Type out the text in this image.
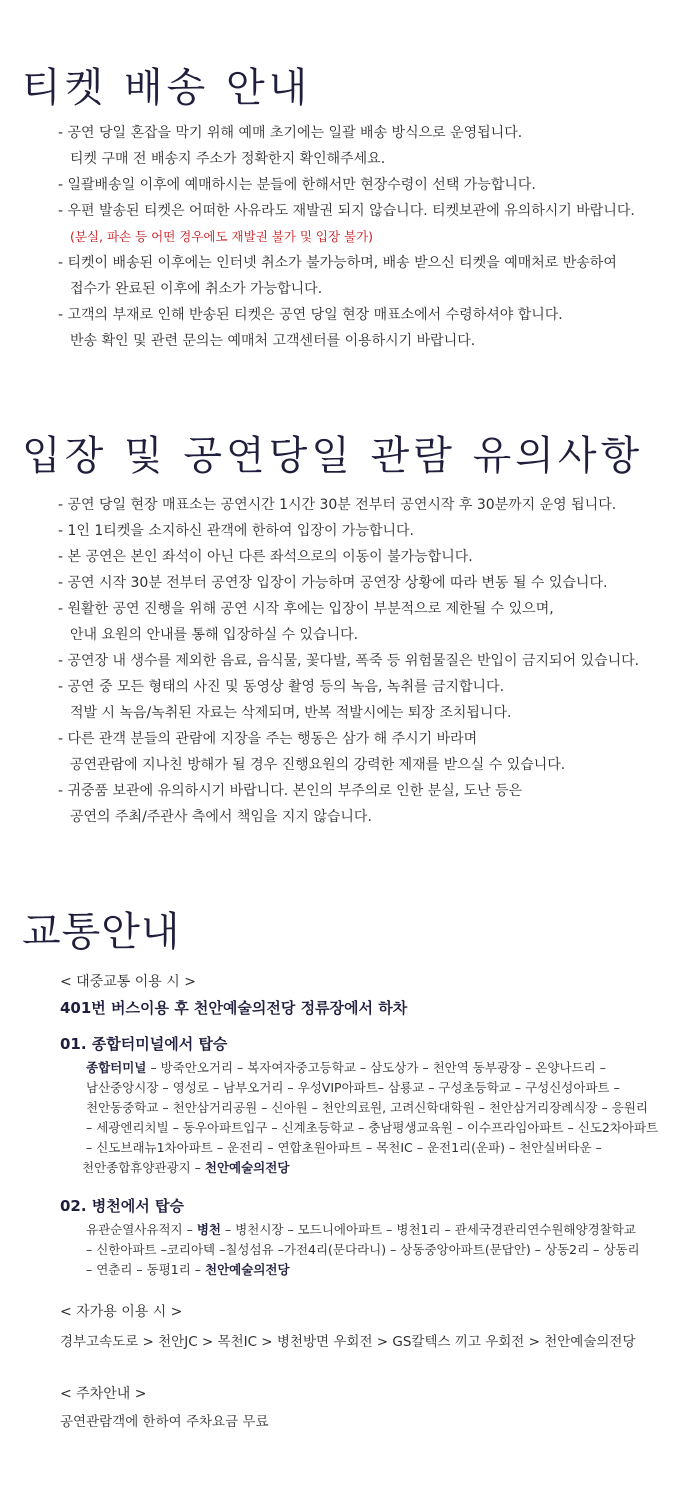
티켓 배송 안내
- 공연 당일 혼잡을 막기 위해 예매 초기에는 일괄 배송 방식으로 운영됩니다.
티켓 구매 전 배송지 주소가 정확한지 확인해주세요.
- 일괄배송일 이후에 예매하시는 분들에 한해서만 현장수령이 선택 가능합니다.
- 우편 발송된 티켓은 어떠한 사유라도 재발권 되지 않습니다. 티켓보관에 유의하시기 바랍니다.
(분실, 파손 등 어떤 경우에도 재발권 불가 및 입장 불가)
- 티켓이 배송된 이후에는 인터넷 취소가 불가능하며, 배송 받으신 티켓을 예매처로 반송하여
접수가 완료된 이후에 취소가 가능합니다.
- 고객의 부재로 인해 반송된 티켓은 공연 당일 현장 매표소에서 수령하셔야 합니다.
반송 확인 및 관련 문의는 예매처 고객센터를 이용하시기 바랍니다.
입장 및 공연당일 관람 유의사항
- 공연 당일 현장 매표소는 공연시간 1시간 30분 전부터 공연시작 후 30분까지 운영 됩니다.
- 1인 1티켓을 소지하신 관객에 한하여 입장이 가능합니다.
- 본 공연은 본인 좌석이 아닌 다른 좌석으로의 이동이 불가능합니다.
- 공연 시작 30분 전부터 공연장 입장이 가능하며 공연장 상황에 따라 변동 될 수 있습니다.
- 원활한 공연 진행을 위해 공연 시작 후에는 입장이 부분적으로 제한될 수 있으며,
안내 요원의 안내를 통해 입장하실 수 있습니다.
- 공연장 내 생수를 제외한 음료, 음식물, 꽃다발, 폭죽 등 위험물질은 반입이 금지되어 있습니다.
- 공연 중 모든 형태의 사진 및 동영상 촬영 등의 녹음, 녹취를 금지합니다.
적발 시 녹음/녹취된 자료는 삭제되며, 반복 적발시에는 퇴장 조치됩니다.
- 다른 관객 분들의 관람에 지장을 주는 행동은 삼가 해 주시기 바라며
공연관람에 지나친 방해가 될 경우 진행요원의 강력한 제재를 받으실 수 있습니다.
- 귀중품 보관에 유의하시기 바랍니다. 본인의 부주의로 인한 분실, 도난 등은
공연의 주최/주관사 측에서 책임을 지지 않습니다.
교통안내
< 대중교통 이용 시 >
401번 버스이용 후 천안예술의전당 정류장에서 하차
01. 종합터미널에서 탑승
종합터미널 – 방죽안오거리 – 복자여자중고등학교 – 삼도상가 – 천안역 동부광장 – 온양나드리 –
남산중앙시장 – 영성로 – 남부오거리 – 우성VIP아파트– 삼룡교 – 구성초등학교 – 구성신성아파트 –
천안동중학교 – 천안삼거리공원 – 신아원 – 천안의료원, 고려신학대학원 – 천안삼거리장례식장 – 응원리
– 세광엔리치빌 – 동우아파트입구 – 신계초등학교 – 충남평생교육원 – 이수프라임아파트 – 신도2차아파트
– 신도브래뉴1차아파트 – 운전리 – 연합초원아파트 – 목천IC – 운전1리(운파) – 천안실버타운 –
천안종합휴양관광지 – 천안예술의전당
02. 병천에서 탑승
유관순열사유적지 – 병천 – 병천시장 – 모드니에아파트 – 병천1리 – 관세국경관리연수원해양경찰학교
– 신한아파트 –코리아텍 –칠성섬유 –가전4리(문다라니) – 상동중앙아파트(문답안) – 상동2리 – 상동리
– 연춘리 – 동평1리 – 천안예술의전당
< 자가용 이용 시 >
경부고속도로 > 천안JC > 목천IC > 병천방면 우회전 > GS칼텍스 끼고 우회전 > 천안예술의전당
< 주차안내 >
공연관람객에 한하여 주차요금 무료
